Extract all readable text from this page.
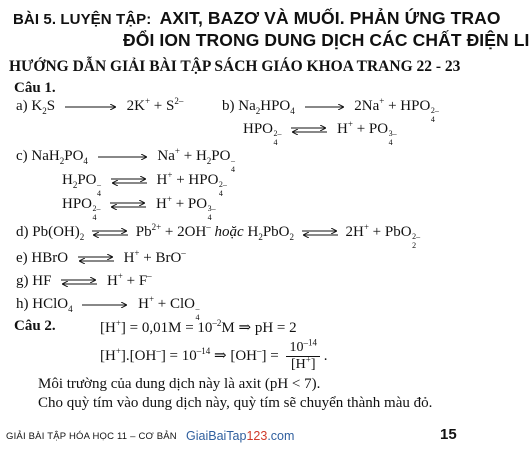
BÀI 5. LUYỆN TẬP: AXIT, BAZƠ VÀ MUỐI. PHẢN ỨNG TRAO
ĐỔI ION TRONG DUNG DỊCH CÁC CHẤT ĐIỆN LI
HƯỚNG DẪN GIẢI BÀI TẬP SÁCH GIÁO KHOA TRANG 22 - 23
Câu 1.
a) $K_2S$	$2K^+ + S^{2-}$	b) $Na_2HPO_4$	2Na+ + HPO 2–
4
HPO 2–
4
⇌ H+ + PO 3–
4
c) $NaH_2PO_4$	$Na^+ + H_2PO$ –
4
$H_2PO$ –
4
⇌ H+ + HPO 2–
4
HPO 2–
4
⇌ H+ + PO 3–
4
d) $Pb(OH)_2$ ⇌ $Pb^{2+} + 2OH^-$ hoặc $H_2PbO_2$ ⇌ 2H+ + PbO 2–
2
e) HBrO ⇌ H+ + BrO–
g) HF ⇌ H+ + F–
h) HClO$_4$	H+ + ClO –
4
Câu 2.	$[H^+] = 0,01M = 10^{-2}M$ ⇒ pH = 2
$[H^+].[OH^-] = 10^{-14}$ ⇒ $[OH^-] = \frac{10^{-14}}{[H^+]}$ .
Môi trường của dung dịch này là axit (pH < 7).
Cho quỳ tím vào dung dịch này, quỳ tím sẽ chuyển thành màu đỏ.
GIẢI BÀI TẬP HÓA HỌC 11 – CƠ BẢN GiaiBaiTap123.com	15
